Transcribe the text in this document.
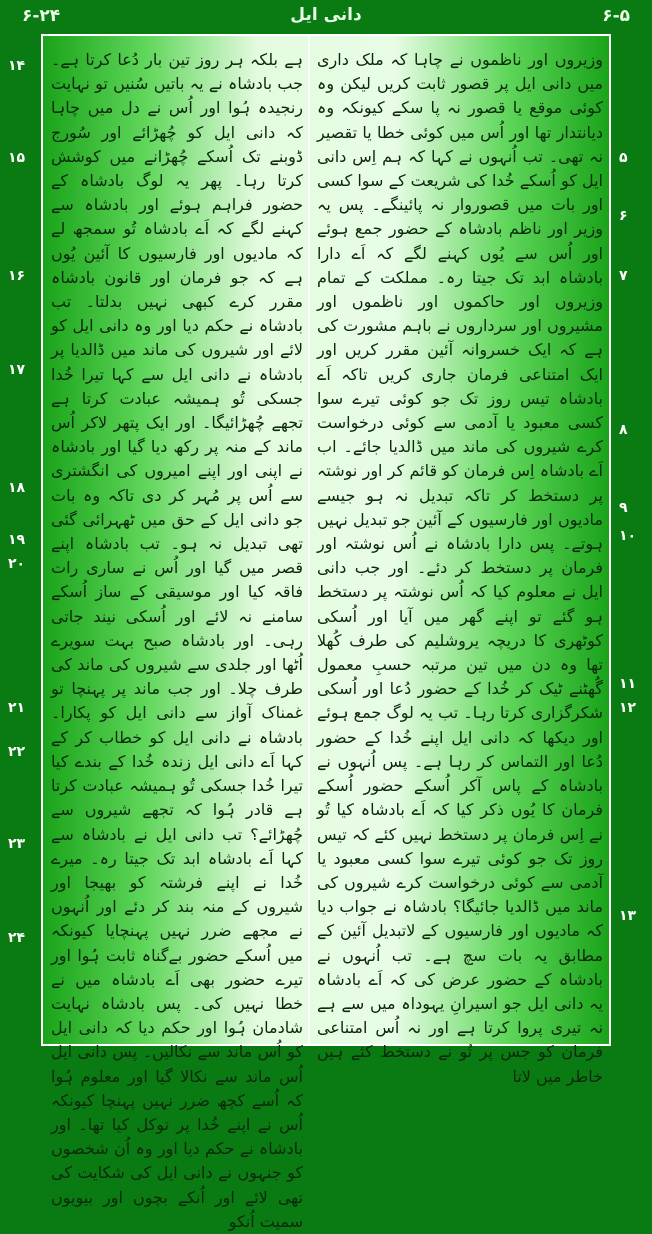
۶-۲۴	دانی ایل	۶-۵
۱۴
۱۵
۱۶
۱۷
۱۸
۱۹
۲۰
۲۱
۲۲
۲۳
۲۴
۵
۶
۷
۸
۹
۱۰
۱۱
۱۲
۱۳

وزیروں اور ناظموں نے چاہا کہ ملک داری میں دانی ایل پر قصور ثابت کریں لیکن وہ کوئی موقع یا قصور نہ پا سکے کیونکہ وہ دیانتدار تھا اور اُس میں کوئی خطا یا تقصیر نہ تھی۔ تب اُنہوں نے کہا کہ ہم اِس دانی ایل کو اُسکے خُدا کی شریعت کے سوا کسی اور بات میں قصوروار نہ پائینگے۔ پس یہ وزیر اور ناظم بادشاہ کے حضور جمع ہوئے اور اُس سے یُوں کہنے لگے کہ اَے دارا بادشاہ ابد تک جیتا رہ۔ مملکت کے تمام وزیروں اور حاکموں اور ناظموں اور مشیروں اور سرداروں نے باہم مشورت کی ہے کہ ایک خسروانہ آئین مقرر کریں اور ایک امتناعی فرمان جاری کریں تاکہ اَے بادشاہ تیس روز تک جو کوئی تیرے سوا کسی معبود یا آدمی سے کوئی درخواست کرے شیروں کی ماند میں ڈالدیا جائے۔ اب اَے بادشاہ اِس فرمان کو قائم کر اور نوشتہ پر دستخط کر تاکہ تبدیل نہ ہو جیسے مادیوں اور فارسیوں کے آئین جو تبدیل نہیں ہوتے۔ پس دارا بادشاہ نے اُس نوشتہ اور فرمان پر دستخط کر دئے۔ اور جب دانی ایل نے معلوم کیا کہ اُس نوشتہ پر دستخط ہو گئے تو اپنے گھر میں آیا اور اُسکی کوٹھری کا دریچہ یروشلیم کی طرف کُھلا تھا وہ دن میں تین مرتبہ حسبِ معمول گُھٹنے ٹیک کر خُدا کے حضور دُعا اور اُسکی شکرگزاری کرتا رہا۔ تب یہ لوگ جمع ہوئے اور دیکھا کہ دانی ایل اپنے خُدا کے حضور دُعا اور التماس کر رہا ہے۔ پس اُنہوں نے بادشاہ کے پاس آکر اُسکے حضور اُسکے فرمان کا یُوں ذکر کیا کہ اَے بادشاہ کیا تُو نے اِس فرمان پر دستخط نہیں کئے کہ تیس روز تک جو کوئی تیرے سوا کسی معبود یا آدمی سے کوئی درخواست کرے شیروں کی ماند میں ڈالدیا جائیگا؟ بادشاہ نے جواب دیا کہ مادیوں اور فارسیوں کے لاتبدیل آئین کے مطابق یہ بات سچ ہے۔ تب اُنہوں نے بادشاہ کے حضور عرض کی کہ اَے بادشاہ یہ دانی ایل جو اسیرانِ یہوداہ میں سے ہے نہ تیری پروا کرتا ہے اور نہ اُس امتناعی فرمان کو جس پر تُو نے دستخط کئے ہیں خاطر میں لاتا

ہے بلکہ ہر روز تین بار دُعا کرتا ہے۔ جب بادشاہ نے یہ باتیں سُنیں تو نہایت رنجیدہ ہُوا اور اُس نے دل میں چاہا کہ دانی ایل کو چُھڑائے اور سُورج ڈوبنے تک اُسکے چُھڑانے میں کوشش کرتا رہا۔ پھر یہ لوگ بادشاہ کے حضور فراہم ہوئے اور بادشاہ سے کہنے لگے کہ اَے بادشاہ تُو سمجھ لے کہ مادیوں اور فارسیوں کا آئین یُوں ہے کہ جو فرمان اور قانون بادشاہ مقرر کرے کبھی نہیں بدلتا۔ تب بادشاہ نے حکم دیا اور وہ دانی ایل کو لائے اور شیروں کی ماند میں ڈالدیا پر بادشاہ نے دانی ایل سے کہا تیرا خُدا جسکی تُو ہمیشہ عبادت کرتا ہے تجھے چُھڑائیگا۔ اور ایک پتھر لاکر اُس ماند کے منہ پر رکھ دیا گیا اور بادشاہ نے اپنی اور اپنے امیروں کی انگشتری سے اُس پر مُہر کر دی تاکہ وہ بات جو دانی ایل کے حق میں ٹھہرائی گئی تھی تبدیل نہ ہو۔ تب بادشاہ اپنے قصر میں گیا اور اُس نے ساری رات فاقہ کیا اور موسیقی کے ساز اُسکے سامنے نہ لائے اور اُسکی نیند جاتی رہی۔ اور بادشاہ صبح بہت سویرے اُٹھا اور جلدی سے شیروں کی ماند کی طرف چلا۔ اور جب ماند پر پہنچا تو غمناک آواز سے دانی ایل کو پکارا۔ بادشاہ نے دانی ایل کو خطاب کر کے کہا اَے دانی ایل زندہ خُدا کے بندے کیا تیرا خُدا جسکی تُو ہمیشہ عبادت کرتا ہے قادر ہُوا کہ تجھے شیروں سے چُھڑائے؟ تب دانی ایل نے بادشاہ سے کہا اَے بادشاہ ابد تک جیتا رہ۔ میرے خُدا نے اپنے فرشتہ کو بھیجا اور شیروں کے منہ بند کر دئے اور اُنہوں نے مجھے ضرر نہیں پہنچایا کیونکہ میں اُسکے حضور بےگناہ ثابت ہُوا اور تیرے حضور بھی اَے بادشاہ میں نے خطا نہیں کی۔ پس بادشاہ نہایت شادمان ہُوا اور حکم دیا کہ دانی ایل کو اُس ماند سے نکالیں۔ پس دانی ایل اُس ماند سے نکالا گیا اور معلوم ہُوا کہ اُسے کچھ ضرر نہیں پہنچا کیونکہ اُس نے اپنے خُدا پر توکل کیا تھا۔ اور بادشاہ نے حکم دیا اور وہ اُن شخصوں کو جنہوں نے دانی ایل کی شکایت کی تھی لائے اور اُنکے بچوں اور بیویوں سمیت اُنکو
